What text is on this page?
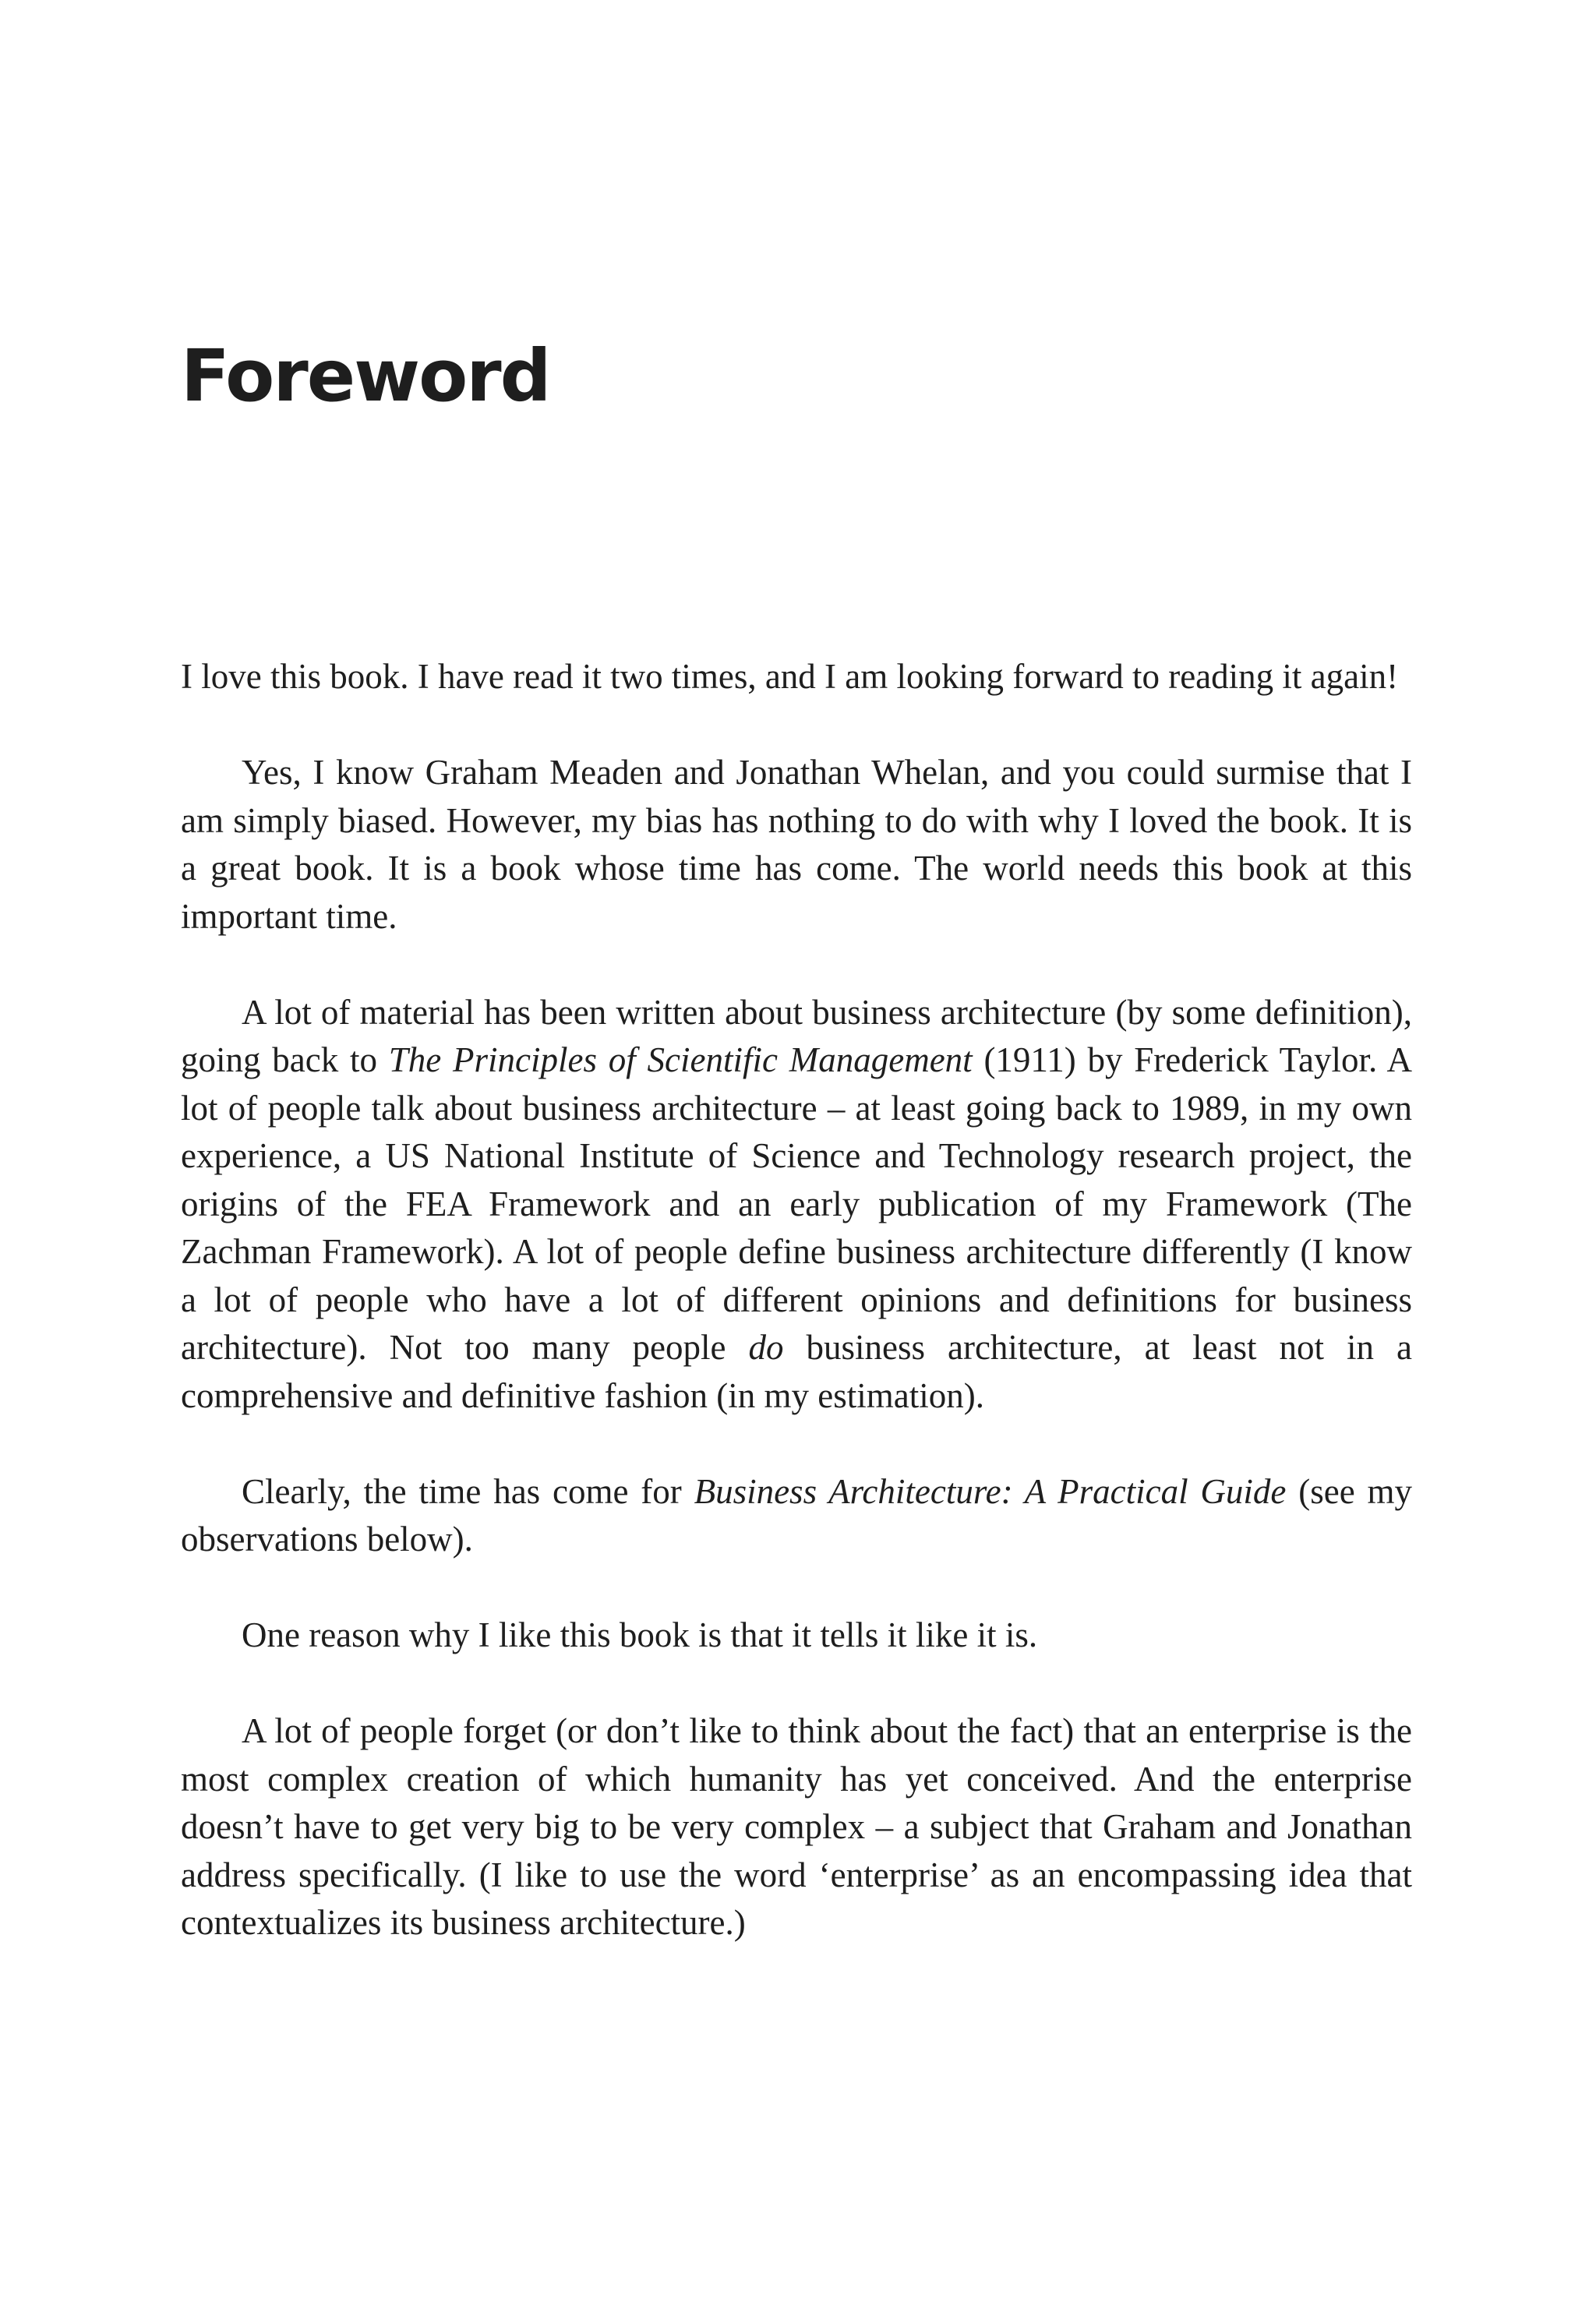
Foreword

I love this book. I have read it two times, and I am looking forward to reading it again!

Yes, I know Graham Meaden and Jonathan Whelan, and you could surmise that I am simply biased. However, my bias has nothing to do with why I loved the book. It is a great book. It is a book whose time has come. The world needs this book at this important time.

A lot of material has been written about business architecture (by some definition), going back to The Principles of Scientific Management (1911) by Frederick Taylor. A lot of people talk about business architecture – at least going back to 1989, in my own experience, a US National Institute of Science and Technology research project, the origins of the FEA Framework and an early publication of my Framework (The Zachman Framework). A lot of people define business architecture differently (I know a lot of people who have a lot of different opinions and definitions for business architecture). Not too many people do business architecture, at least not in a comprehensive and definitive fashion (in my estimation).

Clearly, the time has come for Business Architecture: A Practical Guide (see my observations below).

One reason why I like this book is that it tells it like it is.

A lot of people forget (or don’t like to think about the fact) that an enterprise is the most complex creation of which humanity has yet conceived. And the enterprise doesn’t have to get very big to be very complex – a subject that Graham and Jonathan address specifically. (I like to use the word ‘enterprise’ as an encompassing idea that contextualizes its business architecture.)
